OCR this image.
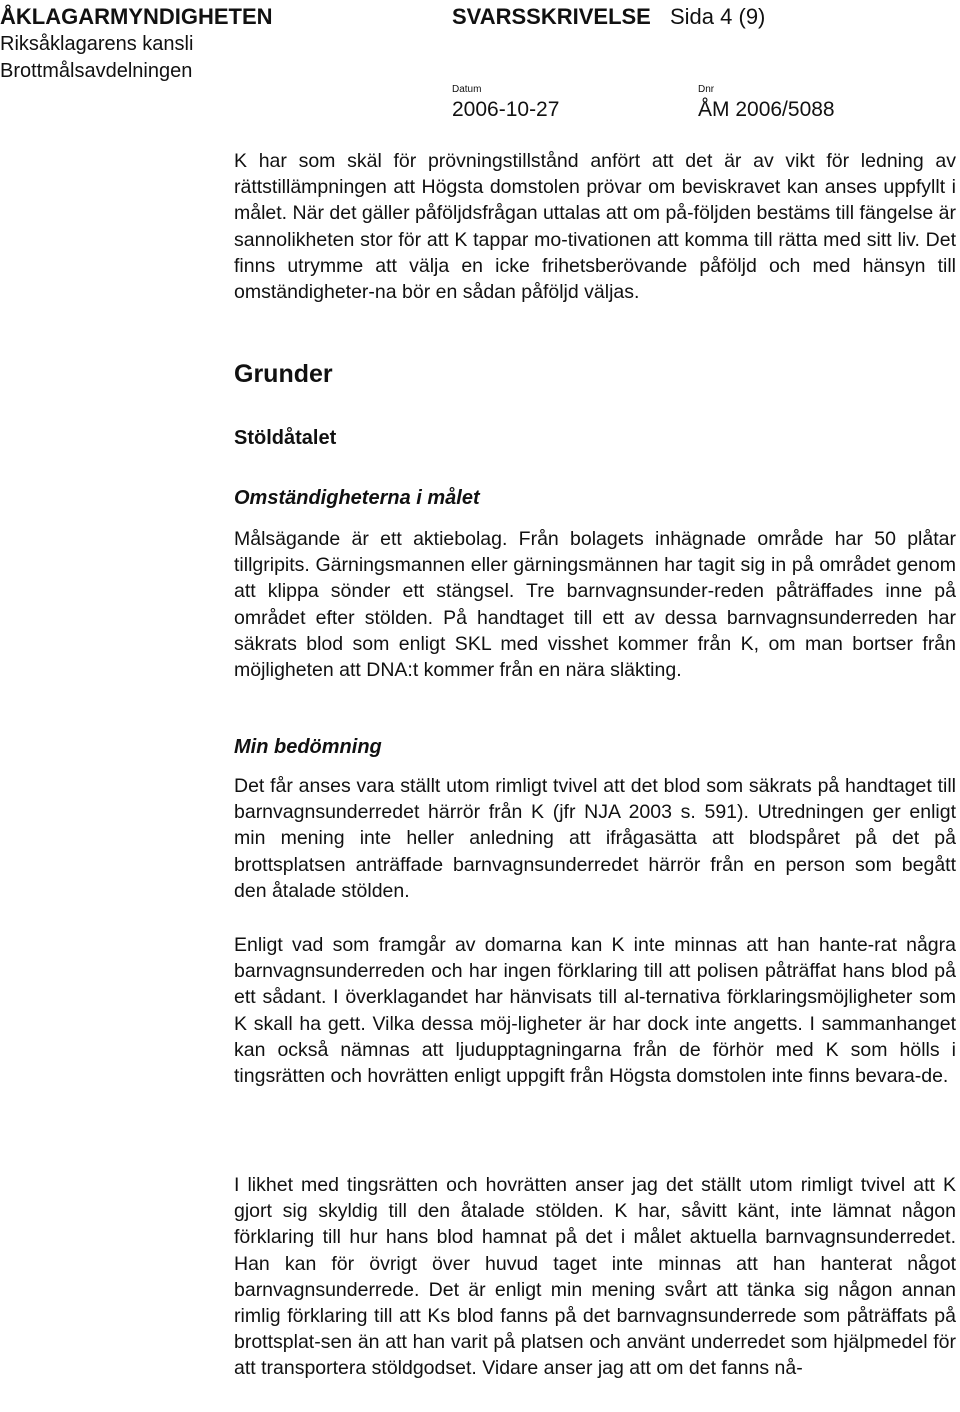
ÅKLAGARMYNDIGHETEN	SVARSSKRIVELSE Sida 4 (9)
Riksåklagarens kansli
Brottmålsavdelningen
Datum	Dnr
2006-10-27	ÅM 2006/5088

K har som skäl för prövningstillstånd anfört att det är av vikt för ledning av rättstillämpningen att Högsta domstolen prövar om beviskravet kan anses uppfyllt i målet. När det gäller påföljdsfrågan uttalas att om på-följden bestäms till fängelse är sannolikheten stor för att K tappar mo-tivationen att komma till rätta med sitt liv. Det finns utrymme att välja en icke frihetsberövande påföljd och med hänsyn till omständigheter-na bör en sådan påföljd väljas.

Grunder
Stöldåtalet
Omständigheterna i målet

Målsägande är ett aktiebolag. Från bolagets inhägnade område har 50 plåtar tillgripits. Gärningsmannen eller gärningsmännen har tagit sig in på området genom att klippa sönder ett stängsel. Tre barnvagnsunder-reden påträffades inne på området efter stölden. På handtaget till ett av dessa barnvagnsunderreden har säkrats blod som enligt SKL med visshet kommer från K, om man bortser från möjligheten att DNA:t kommer från en nära släkting.

Min bedömning

Det får anses vara ställt utom rimligt tvivel att det blod som säkrats på handtaget till barnvagnsunderredet härrör från K (jfr NJA 2003 s. 591). Utredningen ger enligt min mening inte heller anledning att ifrågasätta att blodspåret på det på brottsplatsen anträffade barnvagnsunderredet härrör från en person som begått den åtalade stölden.

Enligt vad som framgår av domarna kan K inte minnas att han hante-rat några barnvagnsunderreden och har ingen förklaring till att polisen påträffat hans blod på ett sådant. I överklagandet har hänvisats till al-ternativa förklaringsmöjligheter som K skall ha gett. Vilka dessa möj-ligheter är har dock inte angetts. I sammanhanget kan också nämnas att ljudupptagningarna från de förhör med K som hölls i tingsrätten och hovrätten enligt uppgift från Högsta domstolen inte finns bevara-de.

I likhet med tingsrätten och hovrätten anser jag det ställt utom rimligt tvivel att K gjort sig skyldig till den åtalade stölden. K har, såvitt känt, inte lämnat någon förklaring till hur hans blod hamnat på det i målet aktuella barnvagnsunderredet. Han kan för övrigt över huvud taget inte minnas att han hanterat något barnvagnsunderrede. Det är enligt min mening svårt att tänka sig någon annan rimlig förklaring till att Ks blod fanns på det barnvagnsunderrede som påträffats på brottsplat-sen än att han varit på platsen och använt underredet som hjälpmedel för att transportera stöldgodset. Vidare anser jag att om det fanns nå-
